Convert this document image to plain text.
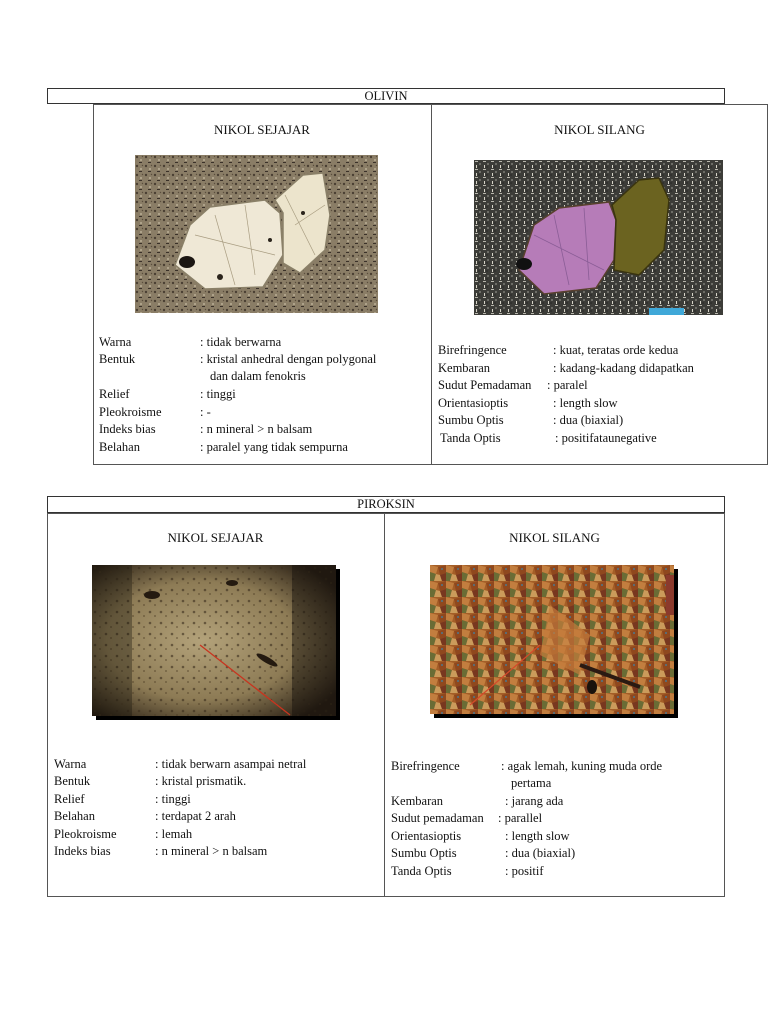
OLIVIN
NIKOL SEJAJAR	NIKOL SILANG
Warna	: tidak berwarna
Bentuk	: kristal anhedral dengan polygonal
dan dalam fenokris
Relief	: tinggi
Pleokroisme	: -
Indeks bias	: n mineral > n balsam
Belahan	: paralel yang tidak sempurna
Birefringence	: kuat, teratas orde kedua
Kembaran	: kadang-kadang didapatkan
Sudut Pemadaman : paralel
Orientasioptis	: length slow
Sumbu Optis	: dua (biaxial)
Tanda Optis	: positifataunegative
PIROKSIN
NIKOL SEJAJAR	NIKOL SILANG
Warna	: tidak berwarn asampai netral
Bentuk	: kristal prismatik.
Relief	: tinggi
Belahan	: terdapat 2 arah
Pleokroisme	: lemah
Indeks bias	: n mineral > n balsam
Birefringence	: agak lemah, kuning muda orde
pertama
Kembaran	: jarang ada
Sudut pemadaman : parallel
Orientasioptis	: length slow
Sumbu Optis	: dua (biaxial)
Tanda Optis	: positif
